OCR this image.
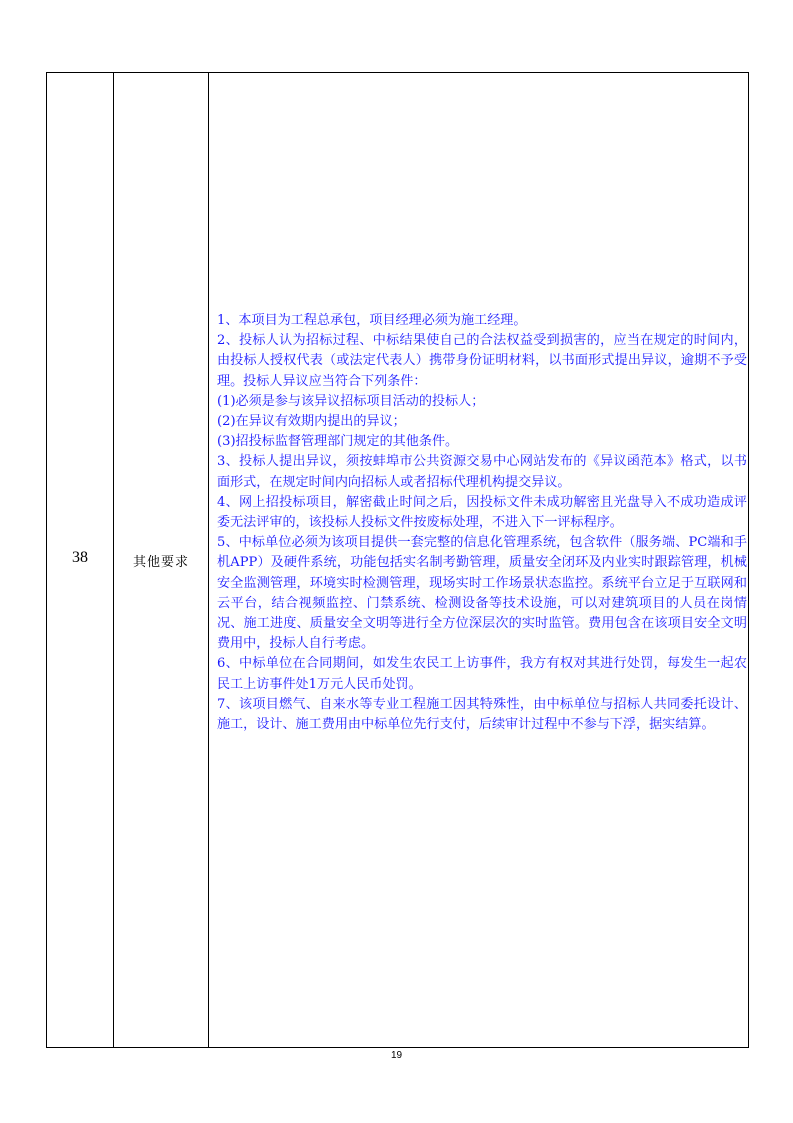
38	其他要求

1、本项目为工程总承包，项目经理必须为施工经理。

2、投标人认为招标过程、中标结果使自己的合法权益受到损害的，应当在规定的时间内，由投标人授权代表（或法定代表人）携带身份证明材料，以书面形式提出异议，逾期不予受理。投标人异议应当符合下列条件：

(1)必须是参与该异议招标项目活动的投标人；

(2)在异议有效期内提出的异议；

(3)招投标监督管理部门规定的其他条件。

3、投标人提出异议，须按蚌埠市公共资源交易中心网站发布的《异议函范本》格式，以书面形式，在规定时间内向招标人或者招标代理机构提交异议。

4、网上招投标项目，解密截止时间之后，因投标文件未成功解密且光盘导入不成功造成评委无法评审的，该投标人投标文件按废标处理，不进入下一评标程序。

5、中标单位必须为该项目提供一套完整的信息化管理系统，包含软件（服务端、PC端和手机APP）及硬件系统，功能包括实名制考勤管理，质量安全闭环及内业实时跟踪管理，机械安全监测管理，环境实时检测管理，现场实时工作场景状态监控。系统平台立足于互联网和云平台，结合视频监控、门禁系统、检测设备等技术设施，可以对建筑项目的人员在岗情况、施工进度、质量安全文明等进行全方位深层次的实时监管。费用包含在该项目安全文明费用中，投标人自行考虑。

6、中标单位在合同期间，如发生农民工上访事件，我方有权对其进行处罚，每发生一起农民工上访事件处1万元人民币处罚。

7、该项目燃气、自来水等专业工程施工因其特殊性，由中标单位与招标人共同委托设计、施工，设计、施工费用由中标单位先行支付，后续审计过程中不参与下浮，据实结算。

19
